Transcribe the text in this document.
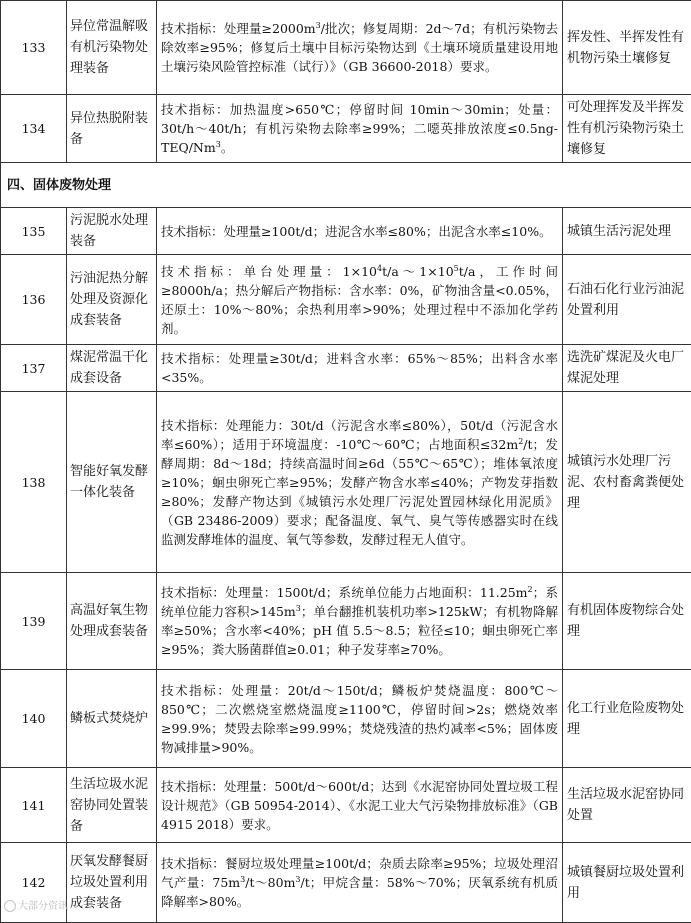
133	异位常温解吸有机污染物处理装备	技术指标：处理量$\ge 2000m^3/$批次；修复周期：2d～7d；有机污染物去除效率≥95%；修复后土壤中目标污染物达到《土壤环境质量建设用地土壤污染风险管控标准（试行）》（GB 36600-2018）要求。	挥发性、半挥发性有机物污染土壤修复
134	异位热脱附装备	技术指标：加热温度>650℃；停留时间 10min～30min；处量：30t/h～40t/h；有机污染物去除率≥99%；二噁英排放浓度$\le 0.5ng-TEQ/Nm^3$。	可处理挥发及半挥发性有机污染物污染土壤修复
四、固体废物处理			
135	污泥脱水处理装备	技术指标：处理量≥100t/d；进泥含水率≤80%；出泥含水率≤10%。	城镇生活污泥处理
136	污油泥热分解处理及资源化成套装备	技术指标：单台处理量：$1\times 10^4t/a\sim 1\times 10^5t/a$，工作时间≥8000h/a；热分解后产物指标：含水率：0%，矿物油含量<0.05%，还原土：10%～80%；余热利用率>90%；处理过程中不添加化学药剂。	石油石化行业污油泥处置利用
137	煤泥常温干化成套设备	技术指标：处理量≥30t/d；进料含水率：65%～85%；出料含水率<35%。	选洗矿煤泥及火电厂煤泥处理
138	智能好氧发酵一体化装备	技术指标：处理能力：30t/d（污泥含水率≤80%），50t/d（污泥含水率≤60%）；适用于环境温度：-10℃～60℃；占地面积$\le 32m^2/t$；发酵周期：8d～18d；持续高温时间≥6d（55℃～65℃）；堆体氧浓度≥10%；蛔虫卵死亡率≥95%；发酵产物含水率≤40%；产物发芽指数≥80%；发酵产物达到《城镇污水处理厂污泥处置园林绿化用泥质》（GB 23486-2009）要求；配备温度、氧气、臭气等传感器实时在线监测发酵堆体的温度、氧气等参数，发酵过程无人值守。	城镇污水处理厂污泥、农村畜禽粪便处理
139	高温好氧生物处理成套装备	技术指标：处理量：1500t/d；系统单位能力占地面积：$11.25m^2$；系统单位能力容积$>145m^3$；单台翻推机装机功率>125kW；有机物降解率≥50%；含水率<40%；pH 值 5.5～8.5；粒径≤10；蛔虫卵死亡率≥95%；粪大肠菌群值≥0.01；种子发芽率≥70%。	有机固体废物综合处理
140	鳞板式焚烧炉	技术指标：处理量：20t/d～150t/d；鳞板炉焚烧温度：800℃～850℃；二次燃烧室燃烧温度≥1100℃，停留时间>2s；燃烧效率≥99.9%；焚毁去除率≥99.99%；焚烧残渣的热灼减率<5%；固体废物减排量>90%。	化工行业危险废物处理
141	生活垃圾水泥窑协同处置装备	技术指标：处理量：500t/d～600t/d；达到《水泥窑协同处置垃圾工程设计规范》（GB 50954-2014）、《水泥工业大气污染物排放标准》（GB 4915 2018）要求。	生活垃圾水泥窑协同处置
142	厌氧发酵餐厨垃圾处置利用成套装备	技术指标：餐厨垃圾处理量≥100t/d；杂质去除率≥95%；垃圾处理沼气产量：$75m^3/t\sim 80m^3/t$；甲烷含量：58%～70%；厌氧系统有机质降解率>80%。	城镇餐厨垃圾处置利用
大部分资讯
